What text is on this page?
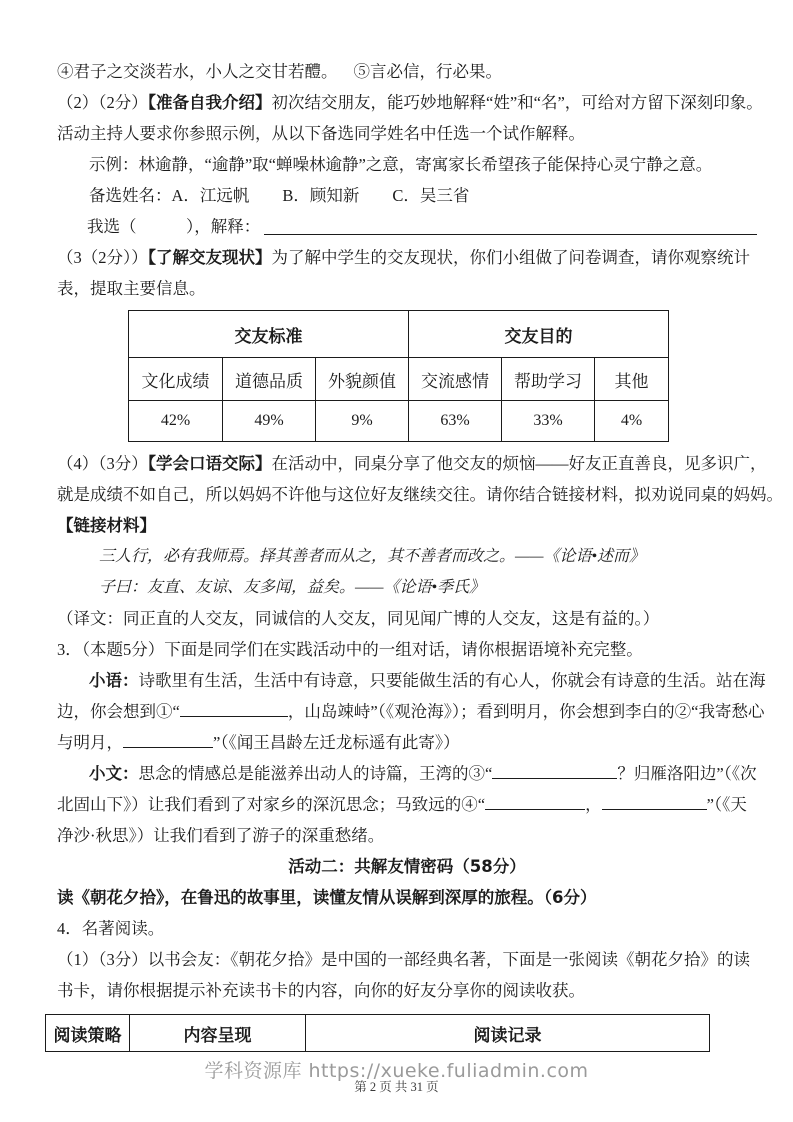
④君子之交淡若水，小人之交甘若醴。 ⑤言必信，行必果。
（2）（2分）【准备自我介绍】初次结交朋友，能巧妙地解释“姓”和“名”，可给对方留下深刻印象。
活动主持人要求你参照示例，从以下备选同学姓名中任选一个试作解释。
示例：林逾静，“逾静”取“蝉噪林逾静”之意，寄寓家长希望孩子能保持心灵宁静之意。
备选姓名：A．江远帆　　B．顾知新　　C．吴三省
我选（　　　），解释：
（3（2分））【了解交友现状】为了解中学生的交友现状，你们小组做了问卷调查，请你观察统计
表，提取主要信息。
交友标准			交友目的		
文化成绩	道德品质	外貌颜值	交流感情	帮助学习	其他
42%	49%	9%	63%	33%	4%
（4）（3分）【学会口语交际】在活动中，同桌分享了他交友的烦恼——好友正直善良，见多识广，
就是成绩不如自己，所以妈妈不许他与这位好友继续交往。请你结合链接材料，拟劝说同桌的妈妈。
【链接材料】
三人行，必有我师焉。择其善者而从之，其不善者而改之。——《论语•述而》
子曰：友直、友谅、友多闻，益矣。——《论语•季氏》
（译文：同正直的人交友，同诚信的人交友，同见闻广博的人交友，这是有益的。）
3．（本题5分）下面是同学们在实践活动中的一组对话，请你根据语境补充完整。
小语：诗歌里有生活，生活中有诗意，只要能做生活的有心人，你就会有诗意的生活。站在海
边，你会想到①“	，山岛竦峙”（《观沧海》）；看到明月，你会想到李白的②“我寄愁心
与明月，	”（《闻王昌龄左迁龙标遥有此寄》）
小文：思念的情感总是能滋养出动人的诗篇，王湾的③“	？归雁洛阳边”（《次
北固山下》）让我们看到了对家乡的深沉思念；马致远的④“	，	”（《天
净沙·秋思》）让我们看到了游子的深重愁绪。
活动二：共解友情密码（58分）
读《朝花夕拾》，在鲁迅的故事里，读懂友情从误解到深厚的旅程。（6分）
4．名著阅读。
（1）（3分）以书会友：《朝花夕拾》是中国的一部经典名著，下面是一张阅读《朝花夕拾》的读
书卡，请你根据提示补充读书卡的内容，向你的好友分享你的阅读收获。
阅读策略	内容呈现	阅读记录
学科资源库 https://xueke.fuliadmin.com
第 2 页 共 31 页
